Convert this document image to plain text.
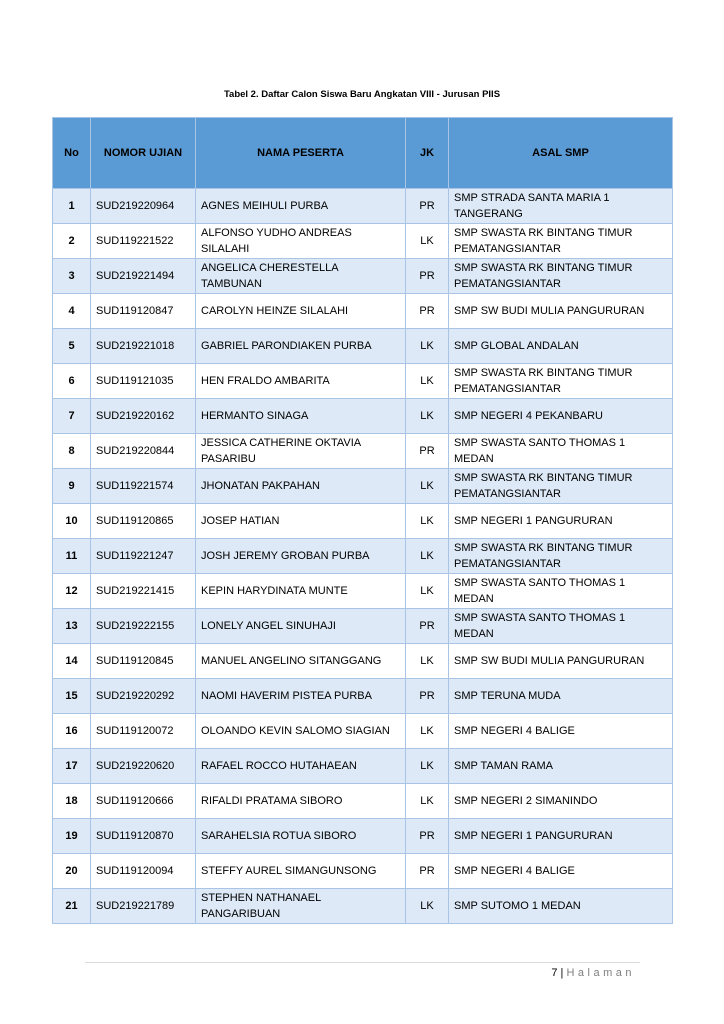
Tabel 2. Daftar Calon Siswa Baru Angkatan VIII - Jurusan PIIS
No	NOMOR UJIAN	NAMA PESERTA	JK	ASAL SMP
1	SUD219220964	AGNES MEIHULI PURBA	PR	SMP STRADA SANTA MARIA 1 TANGERANG
2	SUD119221522	ALFONSO YUDHO ANDREAS SILALAHI	LK	SMP SWASTA RK BINTANG TIMUR PEMATANGSIANTAR
3	SUD219221494	ANGELICA CHERESTELLA TAMBUNAN	PR	SMP SWASTA RK BINTANG TIMUR PEMATANGSIANTAR
4	SUD119120847	CAROLYN HEINZE SILALAHI	PR	SMP SW BUDI MULIA PANGURURAN
5	SUD219221018	GABRIEL PARONDIAKEN PURBA	LK	SMP GLOBAL ANDALAN
6	SUD119121035	HEN FRALDO AMBARITA	LK	SMP SWASTA RK BINTANG TIMUR PEMATANGSIANTAR
7	SUD219220162	HERMANTO SINAGA	LK	SMP NEGERI 4 PEKANBARU
8	SUD219220844	JESSICA CATHERINE OKTAVIA PASARIBU	PR	SMP SWASTA SANTO THOMAS 1 MEDAN
9	SUD119221574	JHONATAN PAKPAHAN	LK	SMP SWASTA RK BINTANG TIMUR PEMATANGSIANTAR
10	SUD119120865	JOSEP HATIAN	LK	SMP NEGERI 1 PANGURURAN
11	SUD119221247	JOSH JEREMY GROBAN PURBA	LK	SMP SWASTA RK BINTANG TIMUR PEMATANGSIANTAR
12	SUD219221415	KEPIN HARYDINATA MUNTE	LK	SMP SWASTA SANTO THOMAS 1 MEDAN
13	SUD219222155	LONELY ANGEL SINUHAJI	PR	SMP SWASTA SANTO THOMAS 1 MEDAN
14	SUD119120845	MANUEL ANGELINO SITANGGANG	LK	SMP SW BUDI MULIA PANGURURAN
15	SUD219220292	NAOMI HAVERIM PISTEA PURBA	PR	SMP TERUNA MUDA
16	SUD119120072	OLOANDO KEVIN SALOMO SIAGIAN	LK	SMP NEGERI 4 BALIGE
17	SUD219220620	RAFAEL ROCCO HUTAHAEAN	LK	SMP TAMAN RAMA
18	SUD119120666	RIFALDI PRATAMA SIBORO	LK	SMP NEGERI 2 SIMANINDO
19	SUD119120870	SARAHELSIA ROTUA SIBORO	PR	SMP NEGERI 1 PANGURURAN
20	SUD119120094	STEFFY AUREL SIMANGUNSONG	PR	SMP NEGERI 4 BALIGE
21	SUD219221789	STEPHEN NATHANAEL PANGARIBUAN	LK	SMP SUTOMO 1 MEDAN
7 | Halaman
